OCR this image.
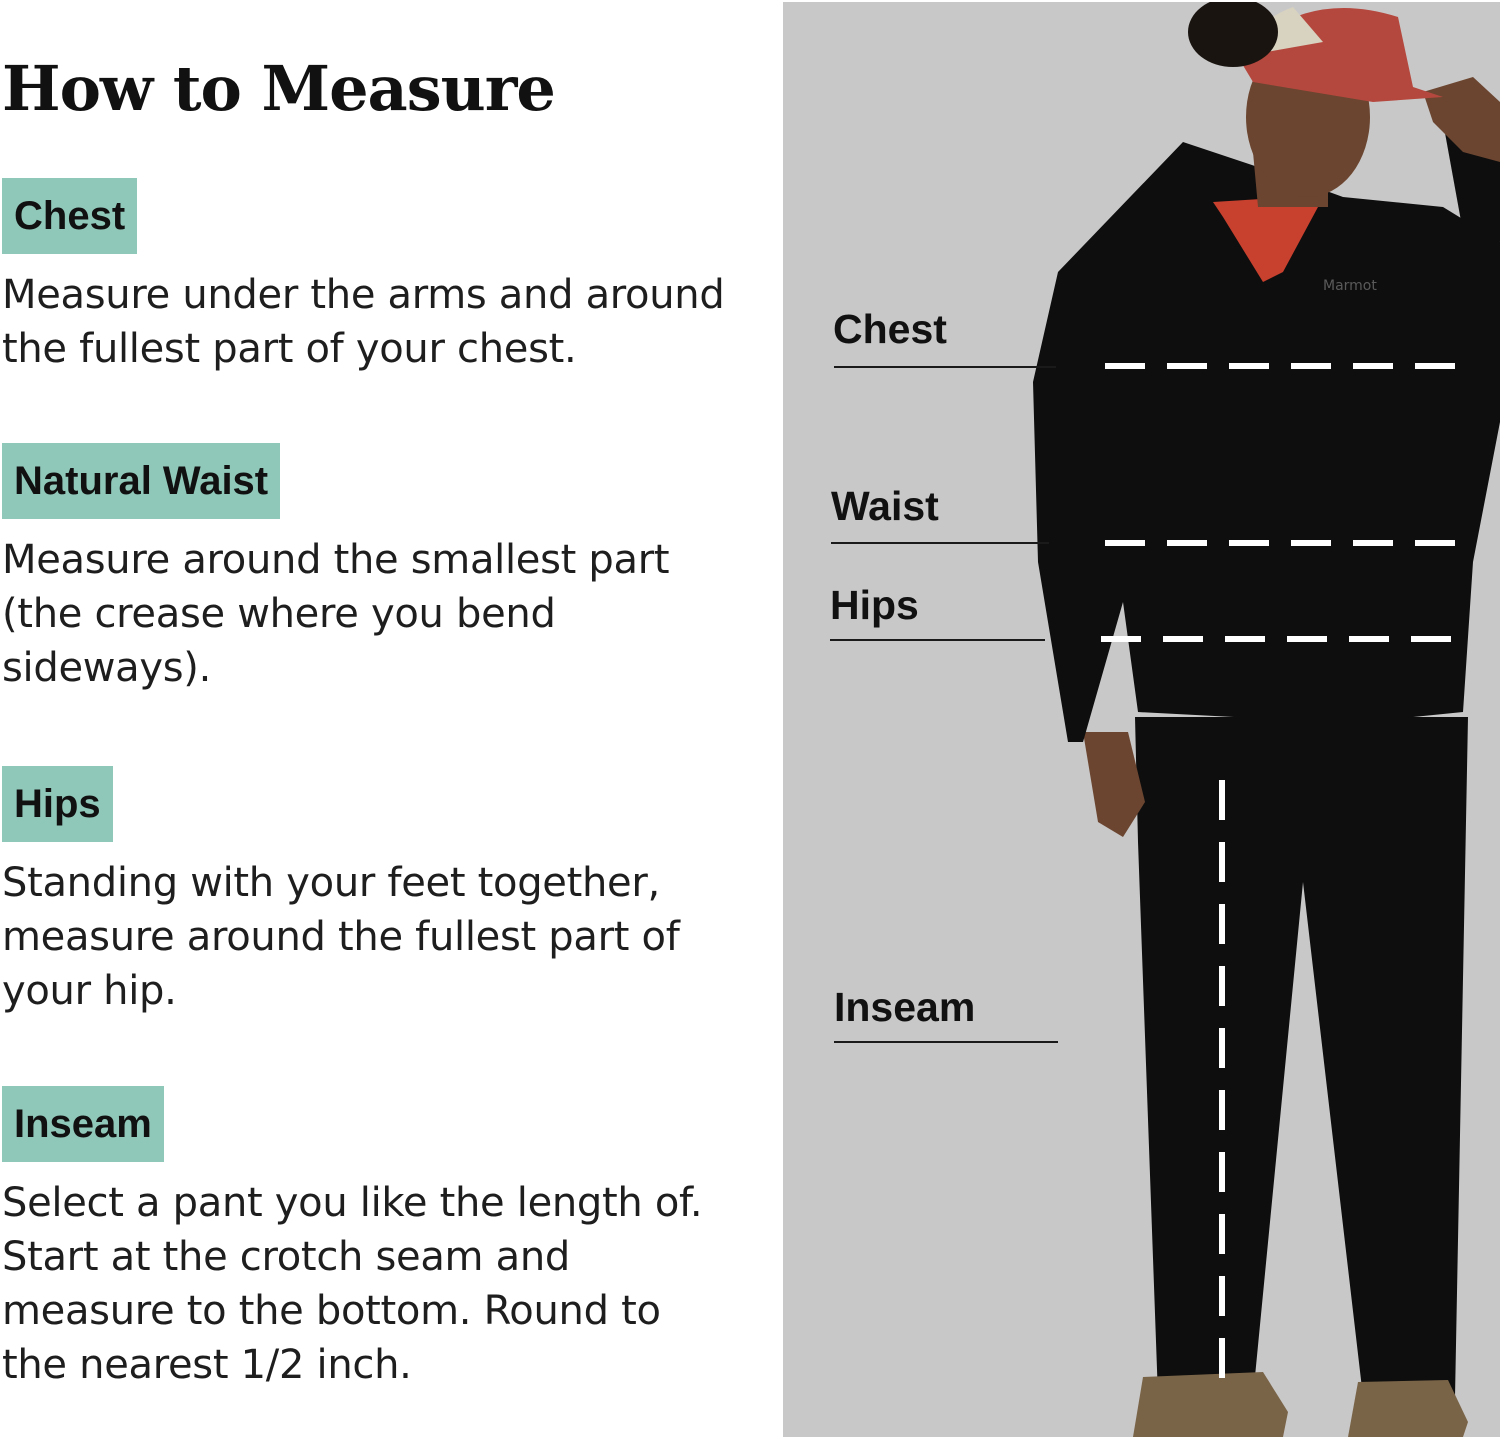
How to Measure
Chest

Measure under the arms and around the fullest part of your chest.

Natural Waist

Measure around the smallest part (the crease where you bend sideways).

Hips

Standing with your feet together, measure around the fullest part of your hip.

Inseam

Select a pant you like the length of. Start at the crotch seam and measure to the bottom. Round to the nearest 1/2 inch.

Marmot
Chest
Waist
Hips
Inseam
